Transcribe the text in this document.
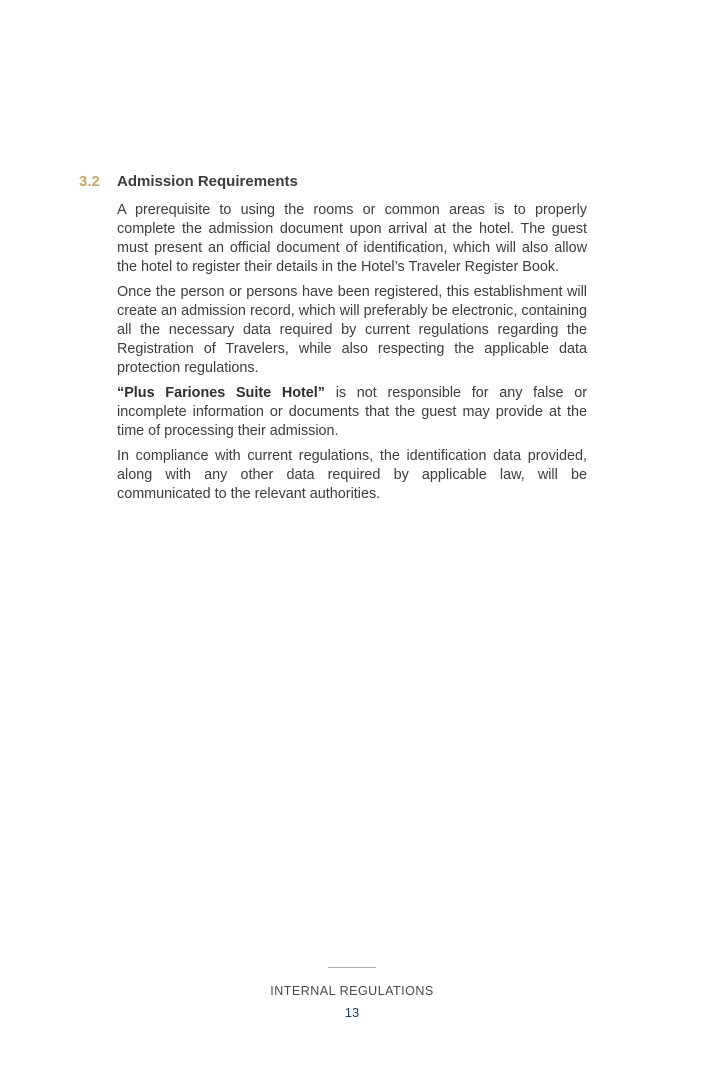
3.2	Admission Requirements

A prerequisite to using the rooms or common areas is to properly complete the admission document upon arrival at the hotel. The guest must present an official document of identification, which will also allow the hotel to register their details in the Hotel’s Traveler Register Book.

Once the person or persons have been registered, this establishment will create an admission record, which will preferably be electronic, containing all the necessary data required by current regulations regarding the Registration of Travelers, while also respecting the applicable data protection regulations.

“Plus Fariones Suite Hotel” is not responsible for any false or incomplete information or documents that the guest may provide at the time of processing their admission.

In compliance with current regulations, the identification data provided, along with any other data required by applicable law, will be communicated to the relevant authorities.

INTERNAL REGULATIONS
13
